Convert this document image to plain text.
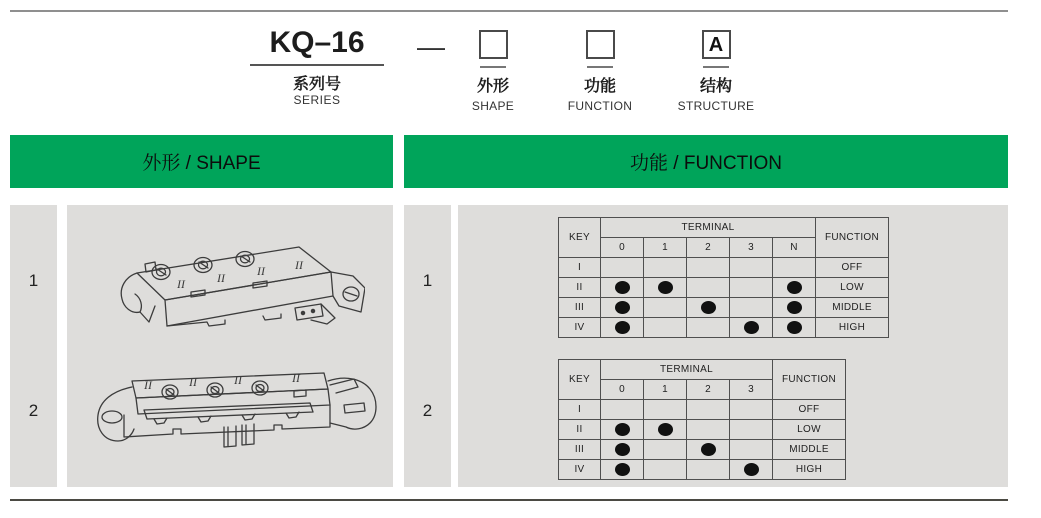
KQ–16
系列号
SERIES
—
外形
SHAPE
功能
FUNCTION
A
结构
STRUCTURE
外形 / SHAPE	功能 / FUNCTION
1
2
II	II	II	II
II	II	II	II
1
2
KEY	TERMINAL					FUNCTION
	0	1	2	3	N	
I						OFF
II						LOW
III						MIDDLE
IV						HIGH
KEY	TERMINAL				FUNCTION
	0	1	2	3	
I					OFF
II					LOW
III					MIDDLE
IV					HIGH
